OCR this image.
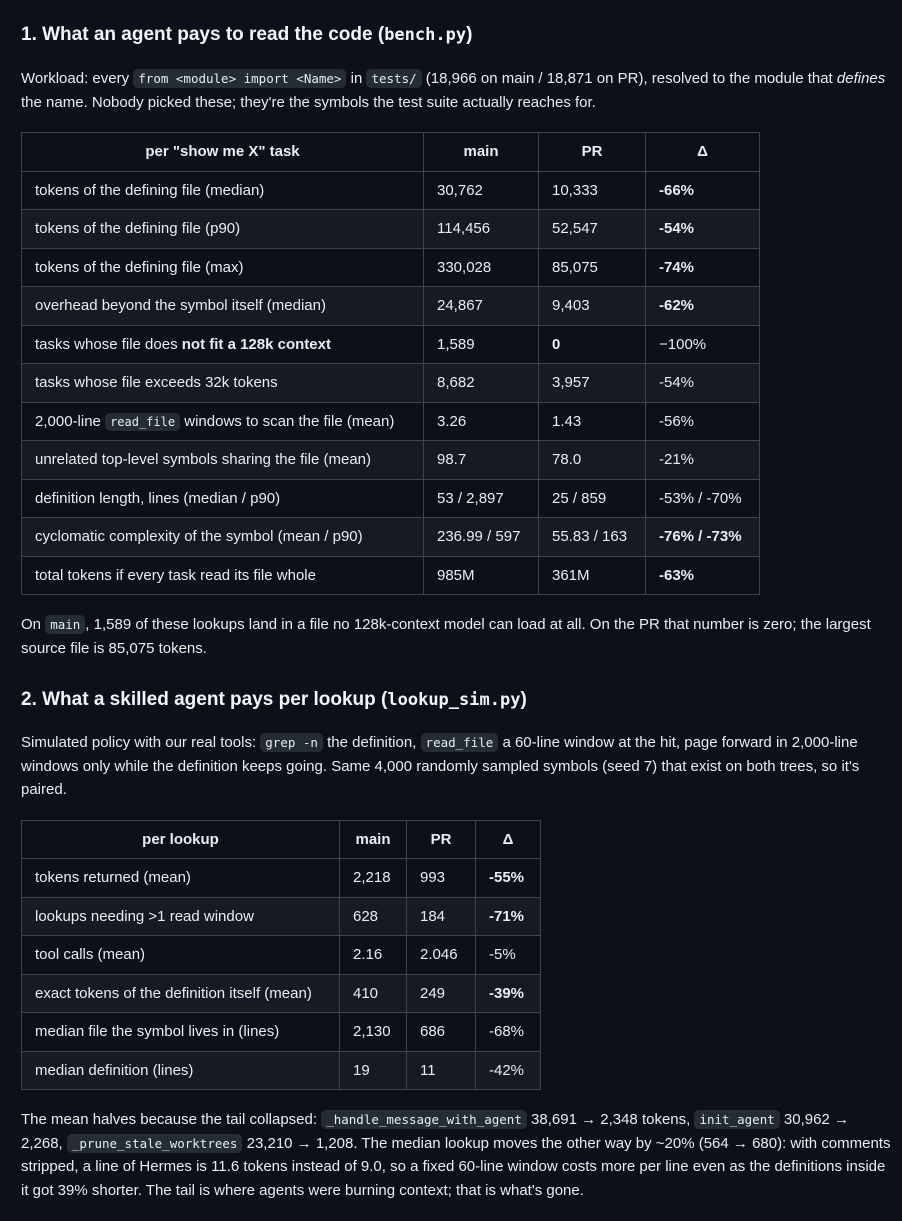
1. What an agent pays to read the code (bench.py)

Workload: every from <module> import <Name> in tests/ (18,966 on main / 18,871 on PR), resolved to the module that defines the name. Nobody picked these; they're the symbols the test suite actually reaches for.

per "show me X" task	main	PR	Δ
tokens of the defining file (median)	30,762	10,333	-66%
tokens of the defining file (p90)	114,456	52,547	-54%
tokens of the defining file (max)	330,028	85,075	-74%
overhead beyond the symbol itself (median)	24,867	9,403	-62%
tasks whose file does not fit a 128k context	1,589	0	−100%
tasks whose file exceeds 32k tokens	8,682	3,957	-54%
2,000-line read_file windows to scan the file (mean)	3.26	1.43	-56%
unrelated top-level symbols sharing the file (mean)	98.7	78.0	-21%
definition length, lines (median / p90)	53 / 2,897	25 / 859	-53% / -70%
cyclomatic complexity of the symbol (mean / p90)	236.99 / 597	55.83 / 163	-76% / -73%
total tokens if every task read its file whole	985M	361M	-63%

On main , 1,589 of these lookups land in a file no 128k-context model can load at all. On the PR that number is zero; the largest source file is 85,075 tokens.

2. What a skilled agent pays per lookup (lookup_sim.py)

Simulated policy with our real tools: grep -n the definition, read_file a 60-line window at the hit, page forward in 2,000-line windows only while the definition keeps going. Same 4,000 randomly sampled symbols (seed 7) that exist on both trees, so it's paired.

per lookup	main	PR	Δ
tokens returned (mean)	2,218	993	-55%
lookups needing >1 read window	628	184	-71%
tool calls (mean)	2.16	2.046	-5%
exact tokens of the definition itself (mean)	410	249	-39%
median file the symbol lives in (lines)	2,130	686	-68%
median definition (lines)	19	11	-42%

The mean halves because the tail collapsed: _handle_message_with_agent 38,691 → 2,348 tokens, init_agent 30,962 → 2,268, _prune_stale_worktrees 23,210 → 1,208. The median lookup moves the other way by ~20% (564 → 680): with comments stripped, a line of Hermes is 11.6 tokens instead of 9.0, so a fixed 60-line window costs more per line even as the definitions inside it got 39% shorter. The tail is where agents were burning context; that is what's gone.
